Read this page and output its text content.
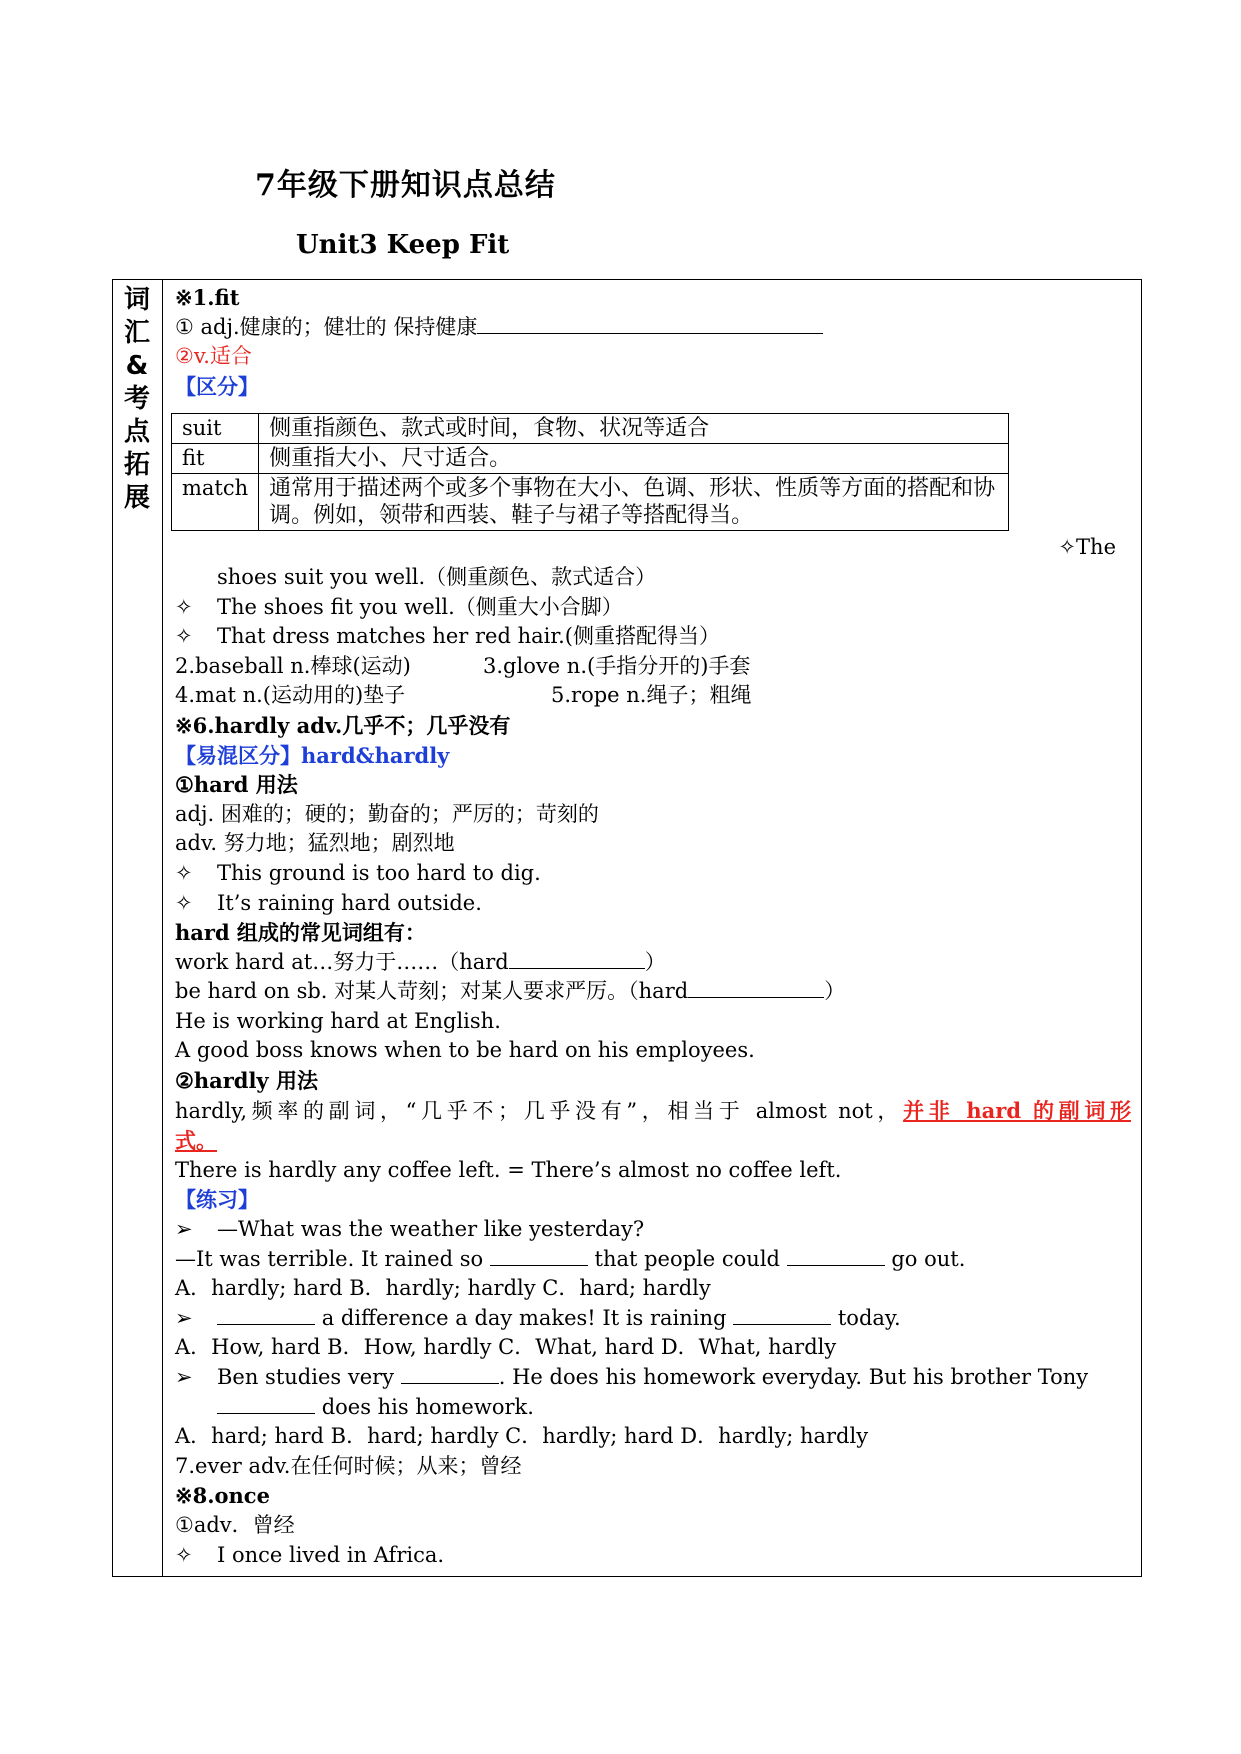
7年级下册知识点总结
Unit3 Keep Fit
词
汇
&
考
点
拓
展
※1.fit
① adj.健康的；健壮的 保持健康
②v.适合
【区分】
suit	侧重指颜色、款式或时间，食物、状况等适合
fit	侧重指大小、尺寸适合。
match	通常用于描述两个或多个事物在大小、色调、形状、性质等方面的搭配和协调。例如，领带和西装、鞋子与裙子等搭配得当。
✧The
shoes suit you well.（侧重颜色、款式适合）
✧ The shoes fit you well.（侧重大小合脚）
✧ That dress matches her red hair.(侧重搭配得当）
2.baseball n.棒球(运动)	3.glove n.(手指分开的)手套
4.mat n.(运动用的)垫子	5.rope n.绳子；粗绳
※6.hardly adv.几乎不；几乎没有
【易混区分】hard&hardly
①hard 用法
adj. 困难的；硬的；勤奋的；严厉的；苛刻的
adv. 努力地；猛烈地；剧烈地
✧ This ground is too hard to dig.
✧ It’s raining hard outside.
hard 组成的常见词组有：
work hard at…努力于……（hard	）
be hard on sb. 对某人苛刻；对某人要求严厉。（hard	）
He is working hard at English.
A good boss knows when to be hard on his employees.
②hardly 用法
hardly,频率的副词，“几乎不；几乎没有”，相当于 almost not，并非 hard 的副词形
式。
There is hardly any coffee left. = There’s almost no coffee left.
【练习】
➢ —What was the weather like yesterday?
—It was terrible. It rained so	that people could	go out.
A．hardly; hard B．hardly; hardly C．hard; hardly
➢	a difference a day makes! It is raining	today.
A．How, hard B．How, hardly C．What, hard D．What, hardly
➢ Ben studies very	. He does his homework everyday. But his brother Tony
does his homework.
A．hard; hard B．hard; hardly C．hardly; hard D．hardly; hardly
7.ever adv.在任何时候；从来；曾经
※8.once
①adv．曾经
✧ I once lived in Africa.
